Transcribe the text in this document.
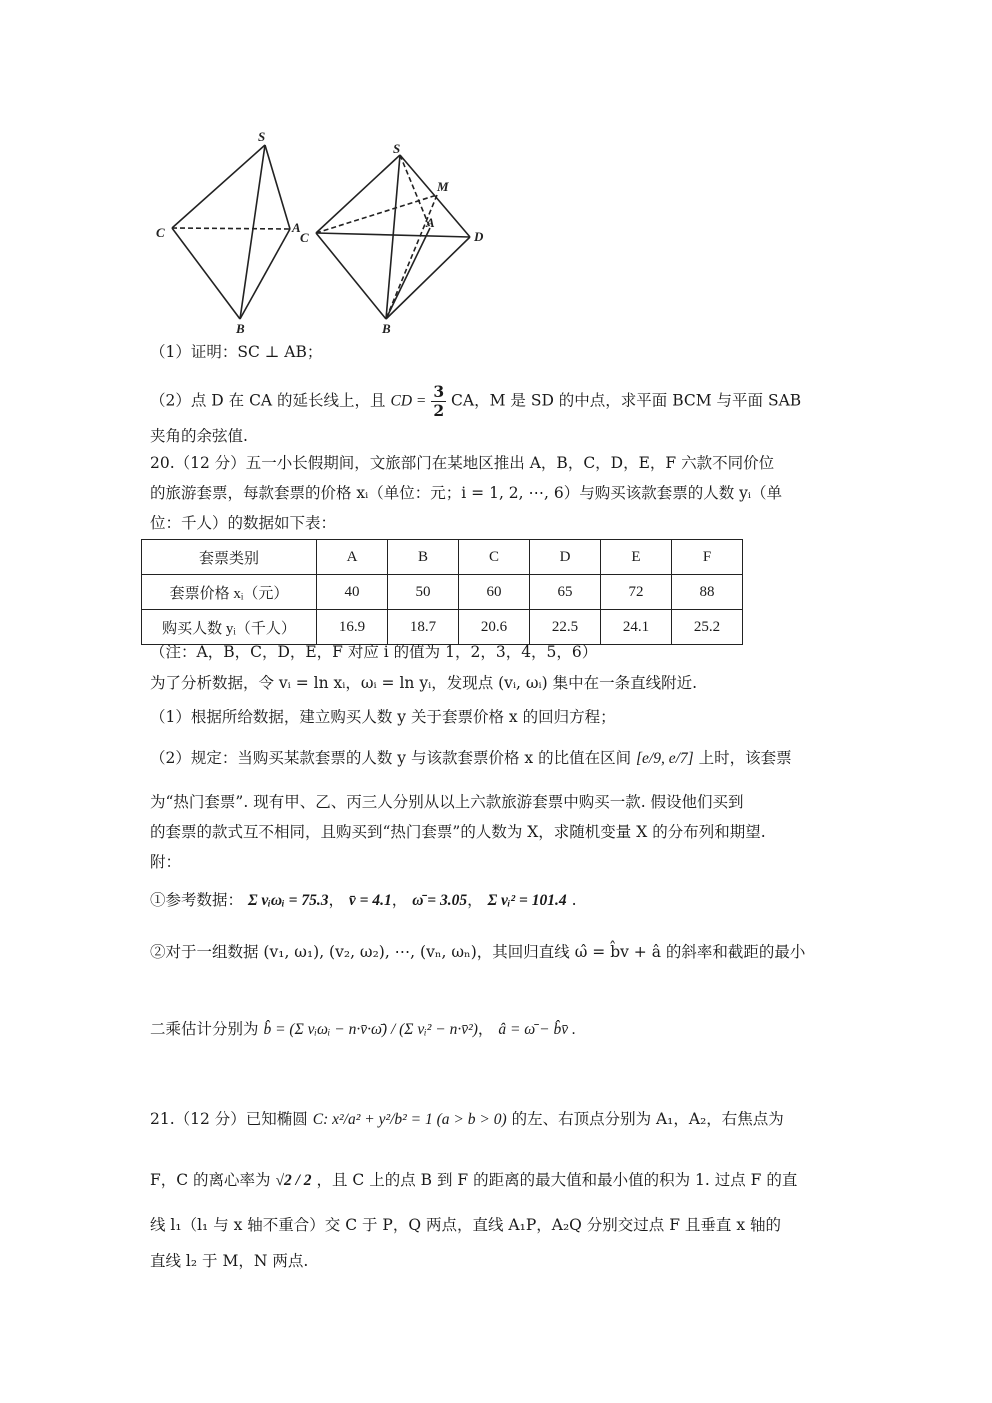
S
C	A
B
S
M
A
C	D
B
（1）证明：SC ⊥ AB；
（2）点 D 在 CA 的延长线上，且 CD = $\frac{3}{2}$ CA，M 是 SD 的中点，求平面 BCM 与平面 SAB
夹角的余弦值.
20.（12 分）五一小长假期间，文旅部门在某地区推出 A，B，C，D，E，F 六款不同价位
的旅游套票，每款套票的价格 xᵢ（单位：元；i = 1, 2, ⋯, 6）与购买该款套票的人数 yᵢ（单
位：千人）的数据如下表：
套票类别	A	B	C	D	E	F
套票价格 xᵢ（元）	40	50	60	65	72	88
购买人数 yᵢ（千人）	16.9	18.7	20.6	22.5	24.1	25.2
（注：A，B，C，D，E，F 对应 i 的值为 1，2，3，4，5，6）
为了分析数据，令 vᵢ = ln xᵢ，ωᵢ = ln yᵢ，发现点 (vᵢ, ωᵢ) 集中在一条直线附近.
（1）根据所给数据，建立购买人数 y 关于套票价格 x 的回归方程；
（2）规定：当购买某款套票的人数 y 与该款套票价格 x 的比值在区间 [e/9, e/7] 上时，该套票
为“热门套票”. 现有甲、乙、丙三人分别从以上六款旅游套票中购买一款. 假设他们买到
的套票的款式互不相同，且购买到“热门套票”的人数为 X，求随机变量 X 的分布列和期望.
附：
①参考数据： Σ vᵢωᵢ = 75.3， v̄ = 4.1， ω̄ = 3.05， Σ vᵢ² = 101.4 .
②对于一组数据 (v₁, ω₁), (v₂, ω₂), ⋯, (vₙ, ωₙ)，其回归直线 ω̂ = b̂v + â 的斜率和截距的最小
二乘估计分别为 b̂ = (Σ vᵢωᵢ − n·v̄·ω̄) / (Σ vᵢ² − n·v̄²)， â = ω̄ − b̂v̄ .
21.（12 分）已知椭圆 C: x²/a² + y²/b² = 1 (a > b > 0) 的左、右顶点分别为 A₁，A₂，右焦点为
F，C 的离心率为 √2 / 2 ，且 C 上的点 B 到 F 的距离的最大值和最小值的积为 1. 过点 F 的直
线 l₁（l₁ 与 x 轴不重合）交 C 于 P，Q 两点，直线 A₁P，A₂Q 分别交过点 F 且垂直 x 轴的
直线 l₂ 于 M，N 两点.
